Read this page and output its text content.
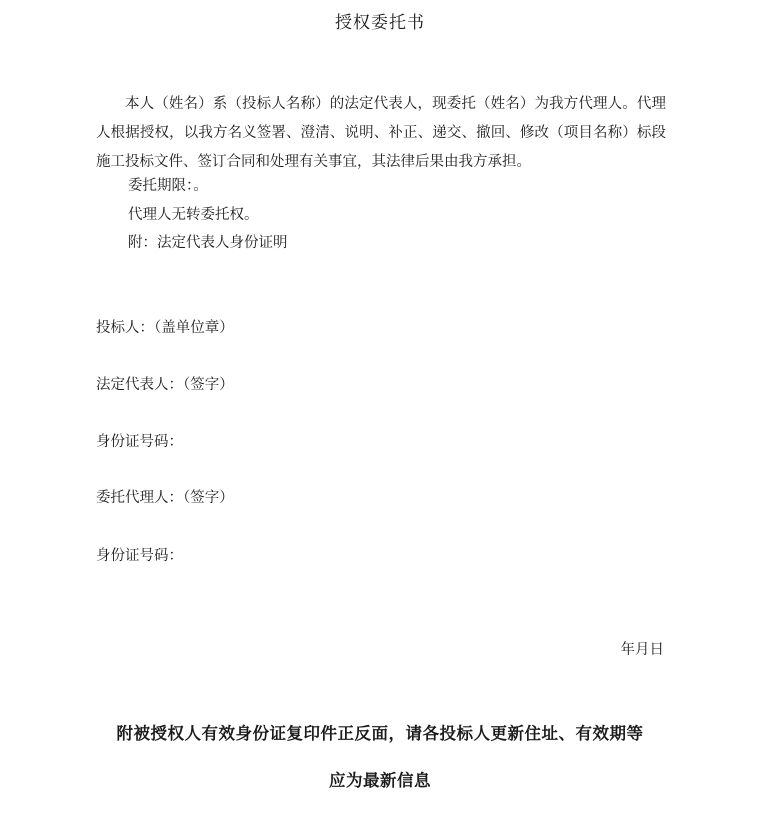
授权委托书
本人（姓名）系（投标人名称）的法定代表人，现委托（姓名）为我方代理人。代理人根据授权，以我方名义签署、澄清、说明、补正、递交、撤回、修改（项目名称）标段施工投标文件、签订合同和处理有关事宜，其法律后果由我方承担。
委托期限：。
代理人无转委托权。
附：法定代表人身份证明
投标人：（盖单位章）
法定代表人：（签字）
身份证号码：
委托代理人：（签字）
身份证号码：
年月日
附被授权人有效身份证复印件正反面，请各投标人更新住址、有效期等
应为最新信息
